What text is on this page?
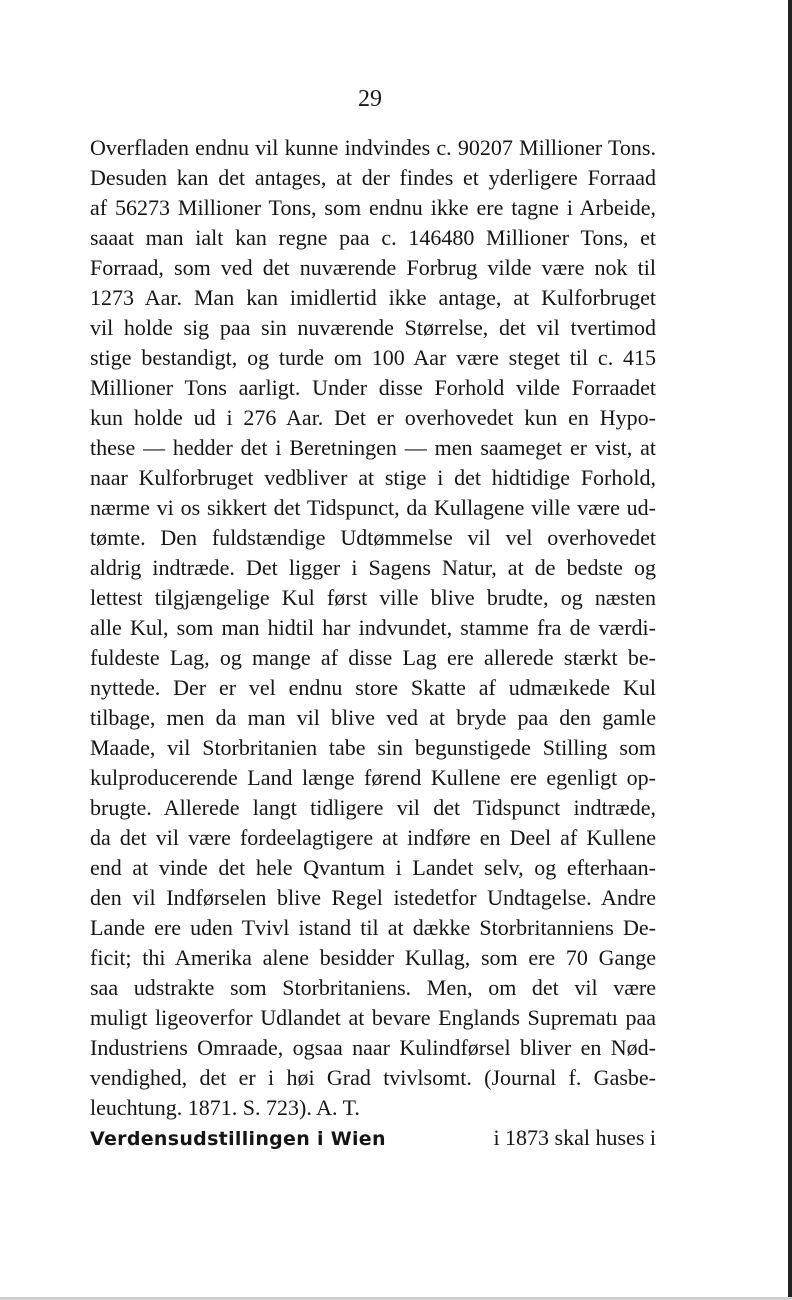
29
Overfladen endnu vil kunne indvindes c. 90207 Millioner Tons.
Desuden kan det antages, at der findes et yderligere Forraad
af 56273 Millioner Tons, som endnu ikke ere tagne i Arbeide,
saaat man ialt kan regne paa c. 146480 Millioner Tons, et
Forraad, som ved det nuværende Forbrug vilde være nok til
1273 Aar. Man kan imidlertid ikke antage, at Kulforbruget
vil holde sig paa sin nuværende Størrelse, det vil tvertimod
stige bestandigt, og turde om 100 Aar være steget til c. 415
Millioner Tons aarligt. Under disse Forhold vilde Forraadet
kun holde ud i 276 Aar. Det er overhovedet kun en Hypo-
these — hedder det i Beretningen — men saameget er vist, at
naar Kulforbruget vedbliver at stige i det hidtidige Forhold,
nærme vi os sikkert det Tidspunct, da Kullagene ville være ud-
tømte. Den fuldstændige Udtømmelse vil vel overhovedet
aldrig indtræde. Det ligger i Sagens Natur, at de bedste og
lettest tilgjængelige Kul først ville blive brudte, og næsten
alle Kul, som man hidtil har indvundet, stamme fra de værdi-
fuldeste Lag, og mange af disse Lag ere allerede stærkt be-
nyttede. Der er vel endnu store Skatte af udmæıkede Kul
tilbage, men da man vil blive ved at bryde paa den gamle
Maade, vil Storbritanien tabe sin begunstigede Stilling som
kulproducerende Land længe førend Kullene ere egenligt op-
brugte. Allerede langt tidligere vil det Tidspunct indtræde,
da det vil være fordeelagtigere at indføre en Deel af Kullene
end at vinde det hele Qvantum i Landet selv, og efterhaan-
den vil Indførselen blive Regel istedetfor Undtagelse. Andre
Lande ere uden Tvivl istand til at dække Storbritanniens De-
ficit; thi Amerika alene besidder Kullag, som ere 70 Gange
saa udstrakte som Storbritaniens. Men, om det vil være
muligt ligeoverfor Udlandet at bevare Englands Suprematı paa
Industriens Omraade, ogsaa naar Kulindførsel bliver en Nød-
vendighed, det er i høi Grad tvivlsomt. (Journal f. Gasbe-
leuchtung. 1871. S. 723). A. T.
Verdensudstillingen i Wien	i 1873 skal huses i
